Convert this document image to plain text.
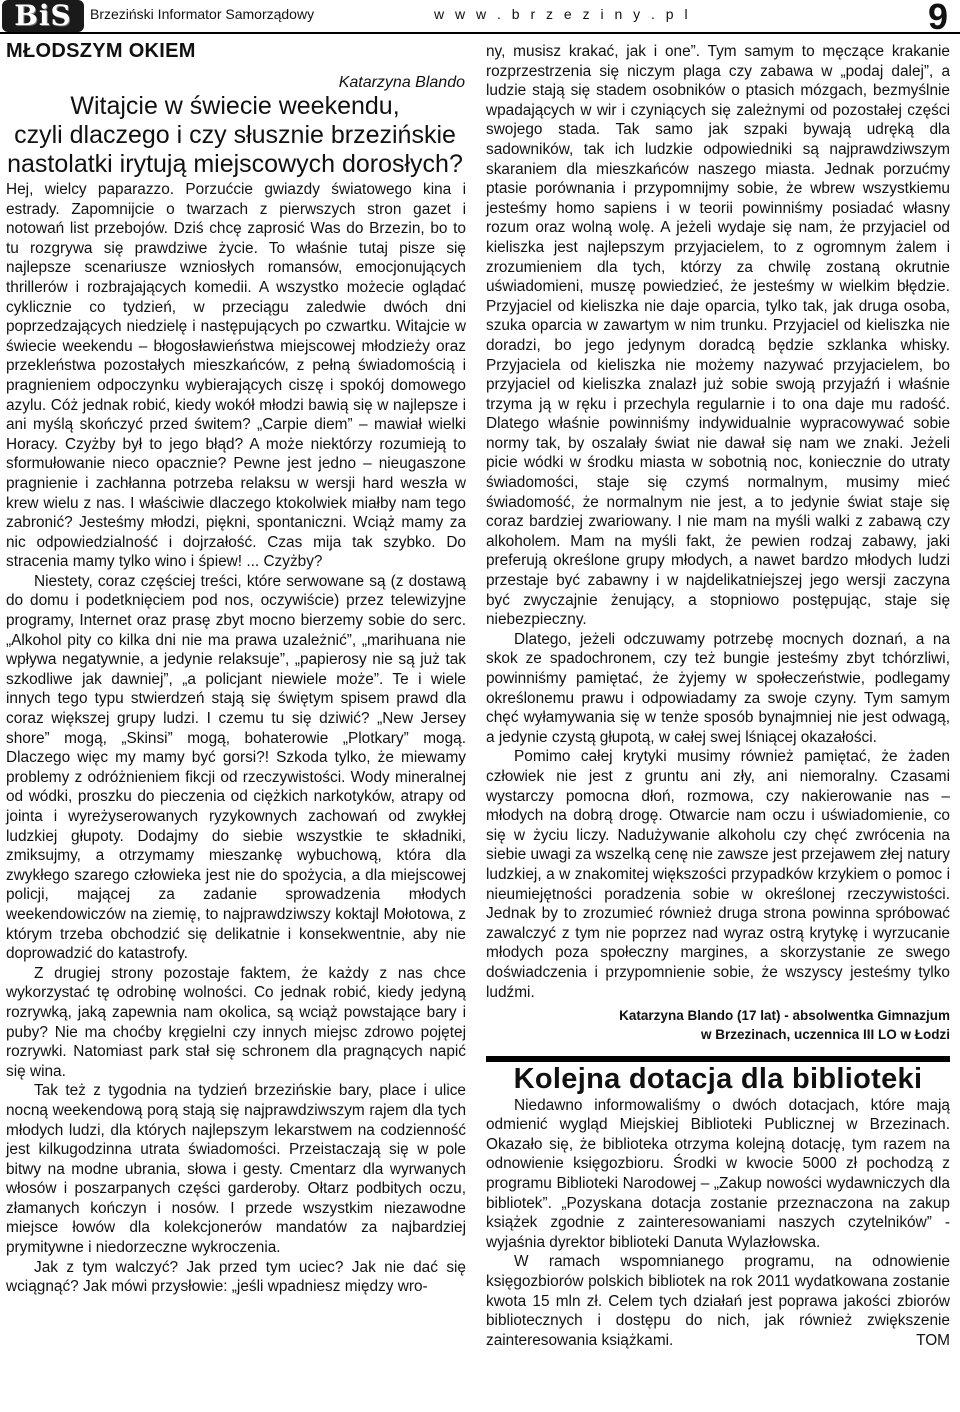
BiS	Brzeziński Informator Samorządowy	w w w . b r z e z i n y . p l	9
MŁODSZYM OKIEM
Katarzyna Blando
Witajcie w świecie weekendu,
czyli dlaczego i czy słusznie brzezińskie
nastolatki irytują miejscowych dorosłych?

Hej, wielcy paparazzo. Porzućcie gwiazdy światowego kina i estrady. Zapomnijcie o twarzach z pierwszych stron gazet i notowań list przebojów. Dziś chcę zaprosić Was do Brzezin, bo to tu rozgrywa się prawdziwe życie. To właśnie tutaj pisze się najlepsze scenariusze wzniosłych romansów, emocjonujących thrillerów i rozbrajających komedii. A wszystko możecie oglądać cyklicznie co tydzień, w przeciągu zaledwie dwóch dni poprzedzających niedzielę i następujących po czwartku. Witajcie w świecie weekendu – błogosławieństwa miejscowej młodzieży oraz przekleństwa pozostałych mieszkańców, z pełną świadomością i pragnieniem odpoczynku wybierających ciszę i spokój domowego azylu. Cóż jednak robić, kiedy wokół młodzi bawią się w najlepsze i ani myślą skończyć przed świtem? „Carpie diem” – mawiał wielki Horacy. Czyżby był to jego błąd? A może niektórzy rozumieją to sformułowanie nieco opacznie? Pewne jest jedno – nieugaszone pragnienie i zachłanna potrzeba relaksu w wersji hard weszła w krew wielu z nas. I właściwie dlaczego ktokolwiek miałby nam tego zabronić? Jesteśmy młodzi, piękni, spontaniczni. Wciąż mamy za nic odpowiedzialność i dojrzałość. Czas mija tak szybko. Do stracenia mamy tylko wino i śpiew! ... Czyżby?

Niestety, coraz częściej treści, które serwowane są (z dostawą do domu i podetknięciem pod nos, oczywiście) przez telewizyjne programy, Internet oraz prasę zbyt mocno bierzemy sobie do serc. „Alkohol pity co kilka dni nie ma prawa uzależnić”, „marihuana nie wpływa negatywnie, a jedynie relaksuje”, „papierosy nie są już tak szkodliwe jak dawniej”, „a policjant niewiele może”. Te i wiele innych tego typu stwierdzeń stają się świętym spisem prawd dla coraz większej grupy ludzi. I czemu tu się dziwić? „New Jersey shore” mogą, „Skinsi” mogą, bohaterowie „Plotkary” mogą. Dlaczego więc my mamy być gorsi?! Szkoda tylko, że miewamy problemy z odróżnieniem fikcji od rzeczywistości. Wody mineralnej od wódki, proszku do pieczenia od ciężkich narkotyków, atrapy od jointa i wyreżyserowanych ryzykownych zachowań od zwykłej ludzkiej głupoty. Dodajmy do siebie wszystkie te składniki, zmiksujmy, a otrzymamy mieszankę wybuchową, która dla zwykłego szarego człowieka jest nie do spożycia, a dla miejscowej policji, mającej za zadanie sprowadzenia młodych weekendowiczów na ziemię, to najprawdziwszy koktajl Mołotowa, z którym trzeba obchodzić się delikatnie i konsekwentnie, aby nie doprowadzić do katastrofy.

Z drugiej strony pozostaje faktem, że każdy z nas chce wykorzystać tę odrobinę wolności. Co jednak robić, kiedy jedyną rozrywką, jaką zapewnia nam okolica, są wciąż powstające bary i puby? Nie ma choćby kręgielni czy innych miejsc zdrowo pojętej rozrywki. Natomiast park stał się schronem dla pragnących napić się wina.

Tak też z tygodnia na tydzień brzezińskie bary, place i ulice nocną weekendową porą stają się najprawdziwszym rajem dla tych młodych ludzi, dla których najlepszym lekarstwem na codzienność jest kilkugodzinna utrata świadomości. Przeistaczają się w pole bitwy na modne ubrania, słowa i gesty. Cmentarz dla wyrwanych włosów i poszarpanych części garderoby. Ołtarz podbitych oczu, złamanych kończyn i nosów. I przede wszystkim niezawodne miejsce łowów dla kolekcjonerów mandatów za najbardziej prymitywne i niedorzeczne wykroczenia.

Jak z tym walczyć? Jak przed tym uciec? Jak nie dać się wciągnąć? Jak mówi przysłowie: „jeśli wpadniesz między wro-

ny, musisz krakać, jak i one”. Tym samym to męczące krakanie rozprzestrzenia się niczym plaga czy zabawa w „podaj dalej”, a ludzie stają się stadem osobników o ptasich mózgach, bezmyślnie wpadających w wir i czyniących się zależnymi od pozostałej części swojego stada. Tak samo jak szpaki bywają udręką dla sadowników, tak ich ludzkie odpowiedniki są najprawdziwszym skaraniem dla mieszkańców naszego miasta. Jednak porzućmy ptasie porównania i przypomnijmy sobie, że wbrew wszystkiemu jesteśmy homo sapiens i w teorii powinniśmy posiadać własny rozum oraz wolną wolę. A jeżeli wydaje się nam, że przyjaciel od kieliszka jest najlepszym przyjacielem, to z ogromnym żalem i zrozumieniem dla tych, którzy za chwilę zostaną okrutnie uświadomieni, muszę powiedzieć, że jesteśmy w wielkim błędzie. Przyjaciel od kieliszka nie daje oparcia, tylko tak, jak druga osoba, szuka oparcia w zawartym w nim trunku. Przyjaciel od kieliszka nie doradzi, bo jego jedynym doradcą będzie szklanka whisky. Przyjaciela od kieliszka nie możemy nazywać przyjacielem, bo przyjaciel od kieliszka znalazł już sobie swoją przyjaźń i właśnie trzyma ją w ręku i przechyla regularnie i to ona daje mu radość. Dlatego właśnie powinniśmy indywidualnie wypracowywać sobie normy tak, by oszalały świat nie dawał się nam we znaki. Jeżeli picie wódki w środku miasta w sobotnią noc, koniecznie do utraty świadomości, staje się czymś normalnym, musimy mieć świadomość, że normalnym nie jest, a to jedynie świat staje się coraz bardziej zwariowany. I nie mam na myśli walki z zabawą czy alkoholem. Mam na myśli fakt, że pewien rodzaj zabawy, jaki preferują określone grupy młodych, a nawet bardzo młodych ludzi przestaje być zabawny i w najdelikatniejszej jego wersji zaczyna być zwyczajnie żenujący, a stopniowo postępując, staje się niebezpieczny.

Dlatego, jeżeli odczuwamy potrzebę mocnych doznań, a na skok ze spadochronem, czy też bungie jesteśmy zbyt tchórzliwi, powinniśmy pamiętać, że żyjemy w społeczeństwie, podlegamy określonemu prawu i odpowiadamy za swoje czyny. Tym samym chęć wyłamywania się w tenże sposób bynajmniej nie jest odwagą, a jedynie czystą głupotą, w całej swej lśniącej okazałości.

Pomimo całej krytyki musimy również pamiętać, że żaden człowiek nie jest z gruntu ani zły, ani niemoralny. Czasami wystarczy pomocna dłoń, rozmowa, czy nakierowanie nas – młodych na dobrą drogę. Otwarcie nam oczu i uświadomienie, co się w życiu liczy. Nadużywanie alkoholu czy chęć zwrócenia na siebie uwagi za wszelką cenę nie zawsze jest przejawem złej natury ludzkiej, a w znakomitej większości przypadków krzykiem o pomoc i nieumiejętności poradzenia sobie w określonej rzeczywistości. Jednak by to zrozumieć również druga strona powinna spróbować zawalczyć z tym nie poprzez nad wyraz ostrą krytykę i wyrzucanie młodych poza społeczny margines, a skorzystanie ze swego doświadczenia i przypomnienie sobie, że wszyscy jesteśmy tylko ludźmi.

Katarzyna Blando (17 lat) - absolwentka Gimnazjum
w Brzezinach, uczennica III LO w Łodzi
Kolejna dotacja dla biblioteki

Niedawno informowaliśmy o dwóch dotacjach, które mają odmienić wygląd Miejskiej Biblioteki Publicznej w Brzezinach. Okazało się, że biblioteka otrzyma kolejną dotację, tym razem na odnowienie księgozbioru. Środki w kwocie 5000 zł pochodzą z programu Biblioteki Narodowej – „Zakup nowości wydawniczych dla bibliotek”. „Pozyskana dotacja zostanie przeznaczona na zakup książek zgodnie z zainteresowaniami naszych czytelników” - wyjaśnia dyrektor biblioteki Danuta Wylazłowska.

W ramach wspomnianego programu, na odnowienie księgozbiorów polskich bibliotek na rok 2011 wydatkowana zostanie kwota 15 mln zł. Celem tych działań jest poprawa jakości zbiorów bibliotecznych i dostępu do nich, jak również zwiększenie zainteresowania książkami.	TOM
